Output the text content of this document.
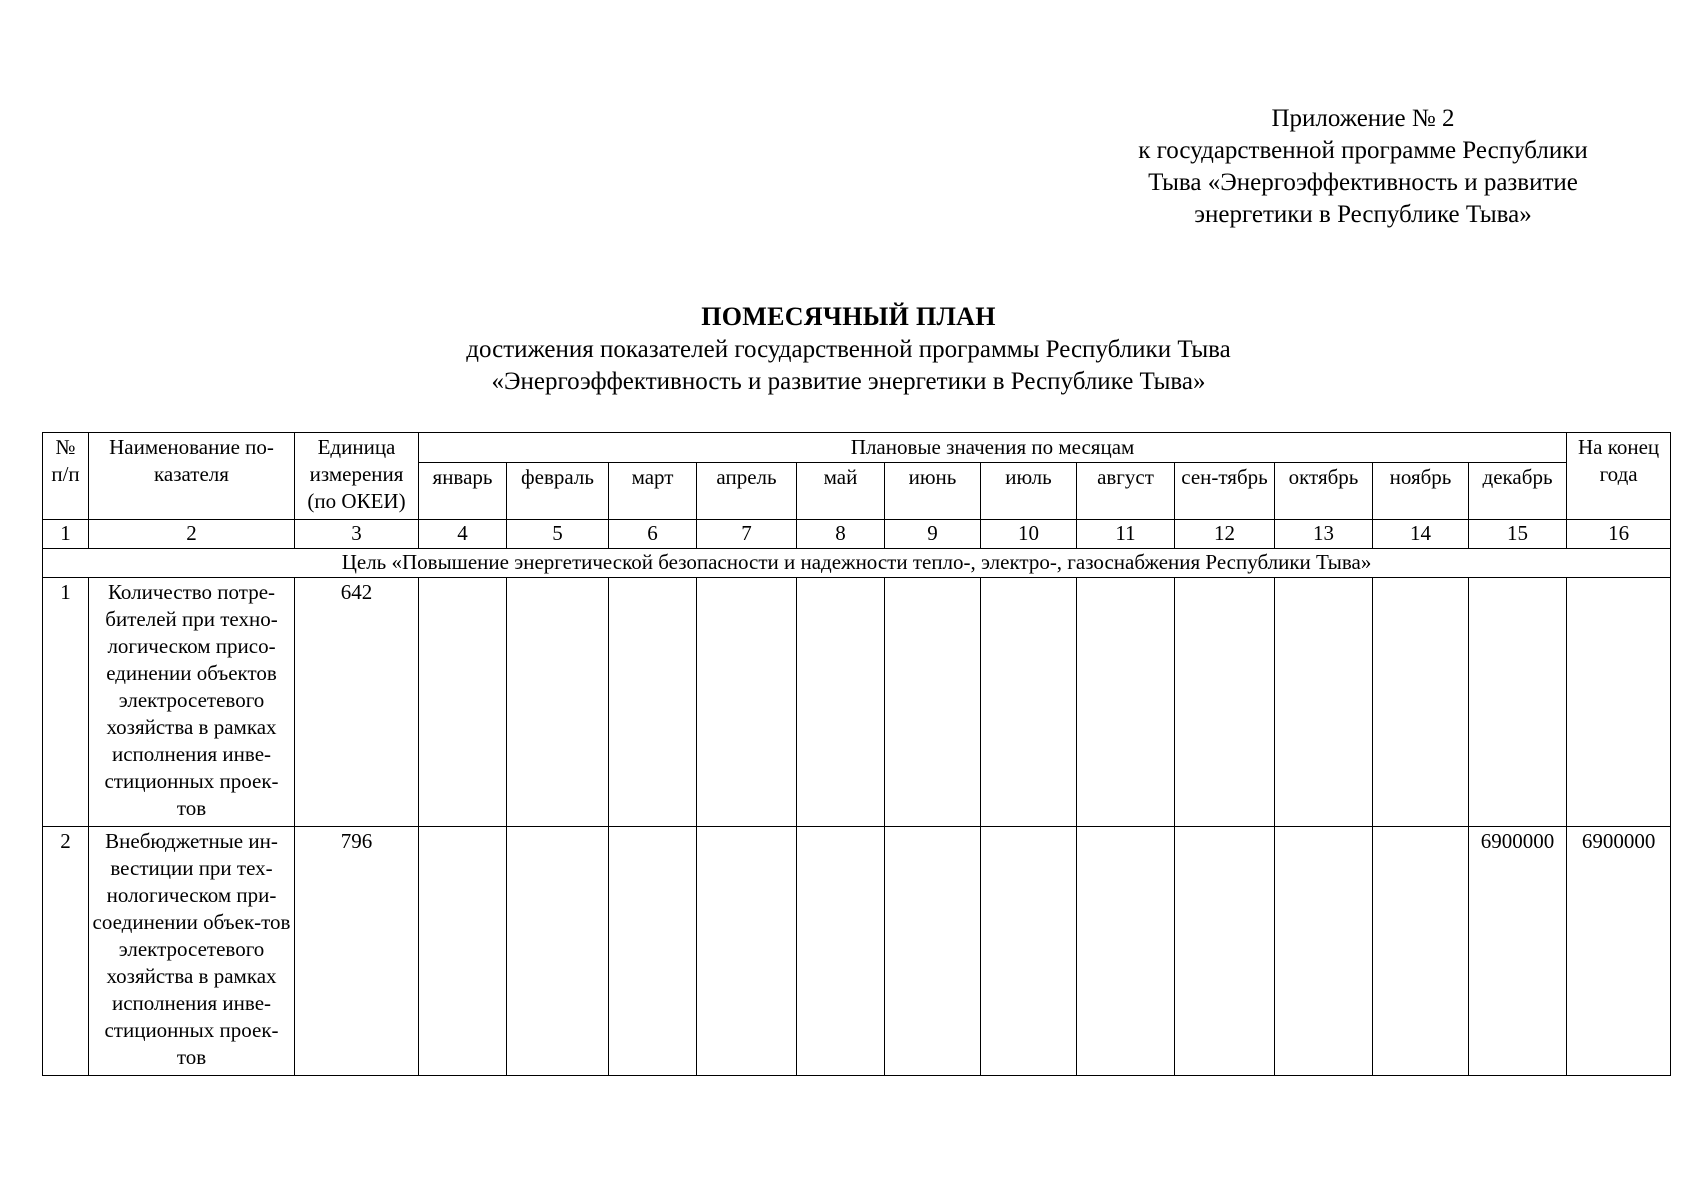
Приложение № 2
к государственной программе Республики
Тыва «Энергоэффективность и развитие
энергетики в Республике Тыва»
ПОМЕСЯЧНЫЙ ПЛАН
достижения показателей государственной программы Республики Тыва
«Энергоэффективность и развитие энергетики в Республике Тыва»
№ п/п	Наименование по-казателя	Единица измерения (по ОКЕИ)	Плановые значения по месяцам												На конец года
			январь	февраль	март	апрель	май	июнь	июль	август	сен-тябрь	октябрь	ноябрь	декабрь	
1	2	3	4	5	6	7	8	9	10	11	12	13	14	15	16
Цель «Повышение энергетической безопасности и надежности тепло-, электро-, газоснабжения Республики Тыва»															
1	Количество потре-бителей при техно-логическом присо-единении объектов электросетевого хозяйства в рамках исполнения инве-стиционных проек-тов	642													
2	Внебюджетные ин-вестиции при тех-нологическом при-соединении объек-тов электросетевого хозяйства в рамках исполнения инве-стиционных проек-тов	796												6900000	6900000
